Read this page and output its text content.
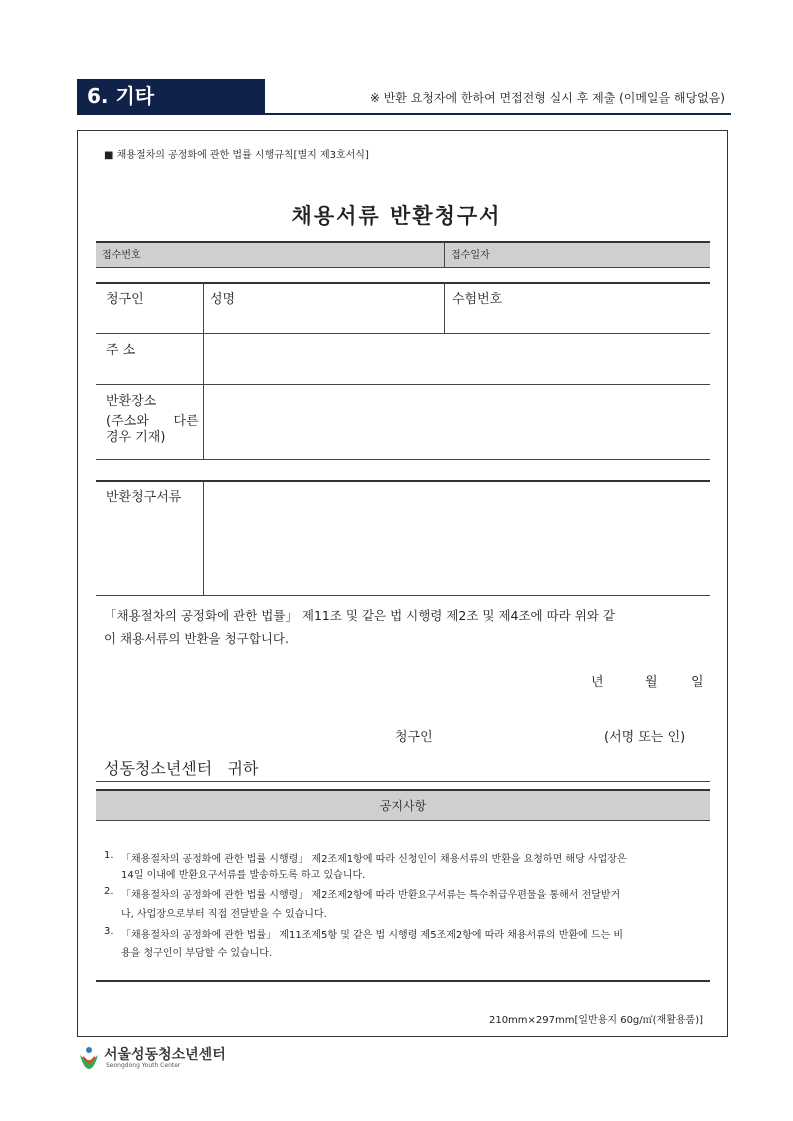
6. 기타	※ 반환 요청자에 한하여 면접전형 실시 후 제출 (이메일을 해당없음)
■ 채용절차의 공정화에 관한 법률 시행규칙[별지 제3호서식]
채용서류 반환청구서
접수번호	접수일자
청구인	성명	수험번호
주 소
반환장소
(주소와      다른
경우 기재)
반환청구서류
「채용절차의 공정화에 관한 법률」 제11조 및 같은 법 시행령 제2조 및 제4조에 따라 위와 같
이 채용서류의 반환을 청구합니다.
년	월	일
청구인	(서명 또는 인)
성동청소년센터   귀하
공지사항
1. 「채용절차의 공정화에 관한 법률 시행령」 제2조제1항에 따라 신청인이 채용서류의 반환을 요청하면 해당 사업장은
14일 이내에 반환요구서류를 발송하도록 하고 있습니다.
2. 「채용절차의 공정화에 관한 법률 시행령」 제2조제2항에 따라 반환요구서류는 특수취급우편물을 통해서 전달받거
나, 사업장으로부터 직접 전달받을 수 있습니다.
3. 「채용절차의 공정화에 관한 법률」 제11조제5항 및 같은 법 시행령 제5조제2항에 따라 채용서류의 반환에 드는 비
용을 청구인이 부담할 수 있습니다.
210mm×297mm[일반용지 60g/㎡(재활용품)]
서울성동청소년센터
Seongdong Youth Center
